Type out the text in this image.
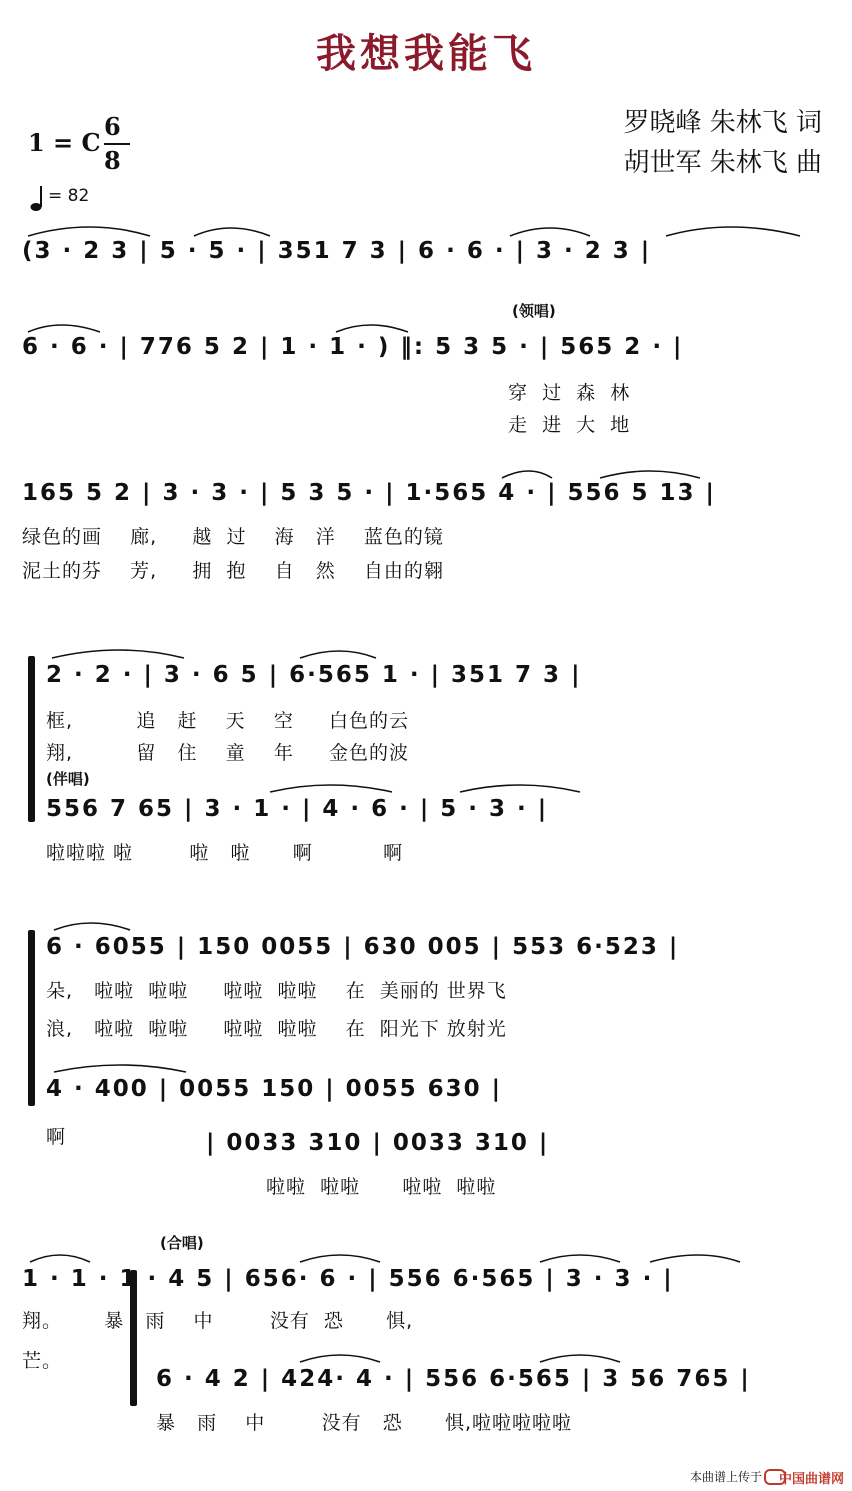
我想我能飞
罗晓峰 朱林飞 词
胡世军 朱林飞 曲
1 = C
6
8
= 82
(3 · 2 3 | 5 · 5 · | 351 7 3 | 6 · 6 · | 3 · 2 3 |
(领唱)
6 · 6 · | 776 5 2 | 1 · 1 · ) ‖: 5 3 5 · | 565 2 · |
穿  过  森  林
走  进  大  地
165 5 2 | 3 · 3 · | 5 3 5 · | 1·565 4 · | 556 5 13 |
绿色的画    廊,     越  过    海   洋    蓝色的镜
泥土的芬    芳,     拥  抱    自   然    自由的翱
2 · 2 · | 3 · 6 5 | 6·565 1 · | 351 7 3 |
框,         追   赶    天    空     白色的云
翔,         留   住    童    年     金色的波
(伴唱)
556 7 65 | 3 · 1 · | 4 · 6 · | 5 · 3 · |
啦啦啦 啦        啦   啦      啊          啊
6 · 6055 | 150 0055 | 630 005 | 553 6·523 |
朵,   啦啦  啦啦     啦啦  啦啦    在  美丽的 世界飞
浪,   啦啦  啦啦     啦啦  啦啦    在  阳光下 放射光
4 · 400 | 0055 150 | 0055 630 |
啊	| 0033 310 | 0033 310 |
啦啦  啦啦      啦啦  啦啦
(合唱)
1 · 1 · 1 · 4 5 | 656· 6 · | 556 6·565 | 3 · 3 · |
翔。      暴   雨    中        没有  恐      惧,
芒。
6 · 4 2 | 424· 4 · | 556 6·565 | 3 56 765 |
暴   雨    中        没有   恐      惧,啦啦啦啦啦
本曲谱上传于 中国曲谱网
